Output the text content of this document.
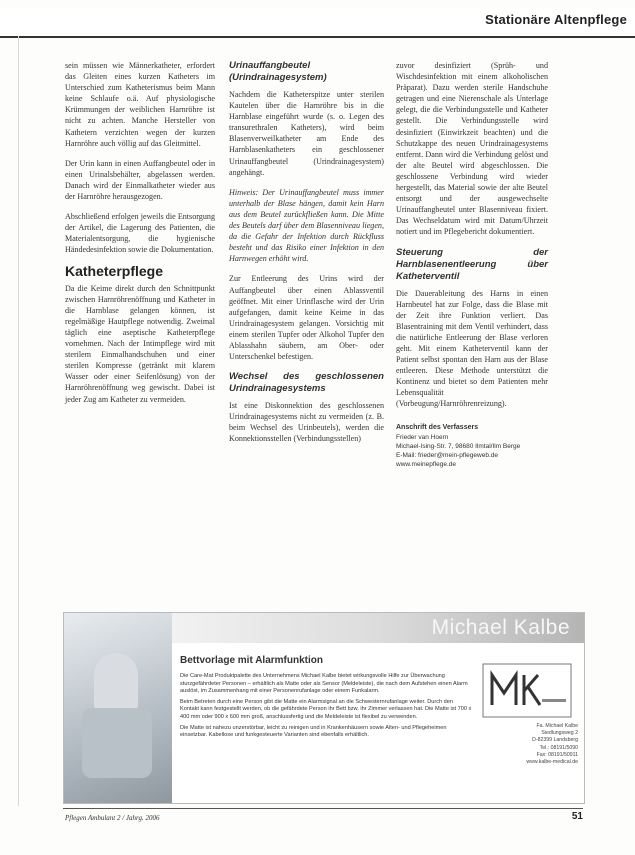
Stationäre Altenpflege

sein müssen wie Männerkatheter, erfordert das Gleiten eines kurzen Katheters im Unterschied zum Katheterismus beim Mann keine Schlaufe o.ä. Auf physiologische Krümmungen der weiblichen Harnröhre ist nicht zu achten. Manche Hersteller von Kathetern verzichten wegen der kurzen Harnröhre auch völlig auf das Gleitmittel.

Der Urin kann in einen Auffangbeutel oder in einen Urinalsbehälter, abgelassen werden. Danach wird der Einmalkatheter wieder aus der Harnröhre herausgezogen.

Abschließend erfolgen jeweils die Entsorgung der Artikel, die Lagerung des Patienten, die Materialentsorgung, die hygienische Händedesinfektion sowie die Dokumentation.

Katheterpflege

Da die Keime direkt durch den Schnittpunkt zwischen Harnröhrenöffnung und Katheter in die Harnblase gelangen können, ist regelmäßige Hautpflege notwendig. Zweimal täglich eine aseptische Katheterpflege vornehmen. Nach der Intimpflege wird mit sterilem Einmalhandschuhen und einer sterilen Kompresse (getränkt mit klarem Wasser oder einer Seifenlösung) von der Harnröhrenöffnung weg gewischt. Dabei ist jeder Zug am Katheter zu vermeiden.

Urinauffangbeutel (Urindrainagesystem)

Nachdem die Katheterspitze unter sterilen Kautelen über die Harnröhre bis in die Harnblase eingeführt wurde (s. o. Legen des transurethralen Katheters), wird beim Blasenverweilkatheter am Ende des Harnblasenkatheters ein geschlossener Urinauffangbeutel (Urindrainagesystem) angehängt.

Hinweis: Der Urinauffangbeutel muss immer unterhalb der Blase hängen, damit kein Harn aus dem Beutel zurückfließen kann. Die Mitte des Beutels darf über dem Blasenniveau liegen, da die Gefahr der Infektion durch Rückfluss besteht und das Risiko einer Infektion in den Harnwegen erhöht wird.

Zur Entleerung des Urins wird der Auffangbeutel über einen Ablassventil geöffnet. Mit einer Urinflasche wird der Urin aufgefangen, damit keine Keime in das Urindrainagesystem gelangen. Vorsichtig mit einem sterilen Tupfer oder Alkohol Tupfer den Ablasshahn säubern, am Ober- oder Unterschenkel befestigen.

Wechsel des geschlossenen Urindrainagesystems

Ist eine Diskonnektion des geschlossenen Urindrainagesystems nicht zu vermeiden (z. B. beim Wechsel des Urinbeutels), werden die Konnektionsstellen (Verbindungsstellen)

zuvor desinfiziert (Sprüh- und Wischdesinfektion mit einem alkoholischen Präparat). Dazu werden sterile Handschuhe getragen und eine Nierenschale als Unterlage gelegt, die die Verbindungsstelle und Katheter gestellt. Die Verbindungsstelle wird desinfiziert (Einwirkzeit beachten) und die Schutzkappe des neuen Urindrainagesystems entfernt. Dann wird die Verbindung gelöst und der alte Beutel wird abgeschlossen. Die geschlossene Verbindung wird wieder hergestellt, das Material sowie der alte Beutel entsorgt und der ausgewechselte Urinauffangbeutel unter Blasenniveau fixiert. Das Wechseldatum wird mit Datum/Uhrzeit notiert und im Pflegebericht dokumentiert.

Steuerung der Harnblasenentleerung über Katheterventil

Die Dauerableitung des Harns in einen Harnbeutel hat zur Folge, dass die Blase mit der Zeit ihre Funktion verliert. Das Blasentraining mit dem Ventil verhindert, dass die natürliche Entleerung der Blase verloren geht. Mit einem Katheterventil kann der Patient selbst spontan den Harn aus der Blase entleeren. Diese Methode unterstützt die Kontinenz und bietet so dem Patienten mehr Lebensqualität (Vorbeugung/Harnröhrenreizung).

Anschrift des Verfassers
Frieder van Hoern
Michael-Ising-Str. 7, 98680 Ilmtal/Ilm Berge
E-Mail: frieder@mein-pflegeweb.de
www.meinepflege.de
Michael Kalbe
Bettvorlage mit Alarmfunktion

Die Care-Mat Produktpalette des Unternehmens Michael Kalbe bietet wirkungsvolle Hilfe zur Überwachung sturzgefährdeter Personen – erhältlich als Matte oder als Sensor (Meldeleiste), die nach dem Aufstehen einen Alarm auslöst, im Zusammenhang mit einer Personenrufanlage oder einem Funkalarm.

Beim Betreten durch eine Person gibt die Matte ein Alarmsignal an die Schwesternrufanlage weiter. Durch den Kontakt kann festgestellt werden, ob die gefährdete Person ihr Bett bzw. ihr Zimmer verlassen hat. Die Matte ist 700 x 400 mm oder 900 x 600 mm groß, anschlussfertig und die Meldeleiste ist flexibel zu verwenden.

Die Matte ist nahezu unzerstörbar, leicht zu reinigen und in Krankenhäusern sowie Alten- und Pflegeheimen einsetzbar. Kabellose und funkgesteuerte Varianten sind ebenfalls erhältlich.

Fa. Michael Kalbe
Siedlungsweg 2
D-82399 Landsberg
Tel.: 08191/5090
Fax: 08191/50911
www.kalbe-medical.de
Pflegen Ambulant 2 / Jahrg. 2006	51
